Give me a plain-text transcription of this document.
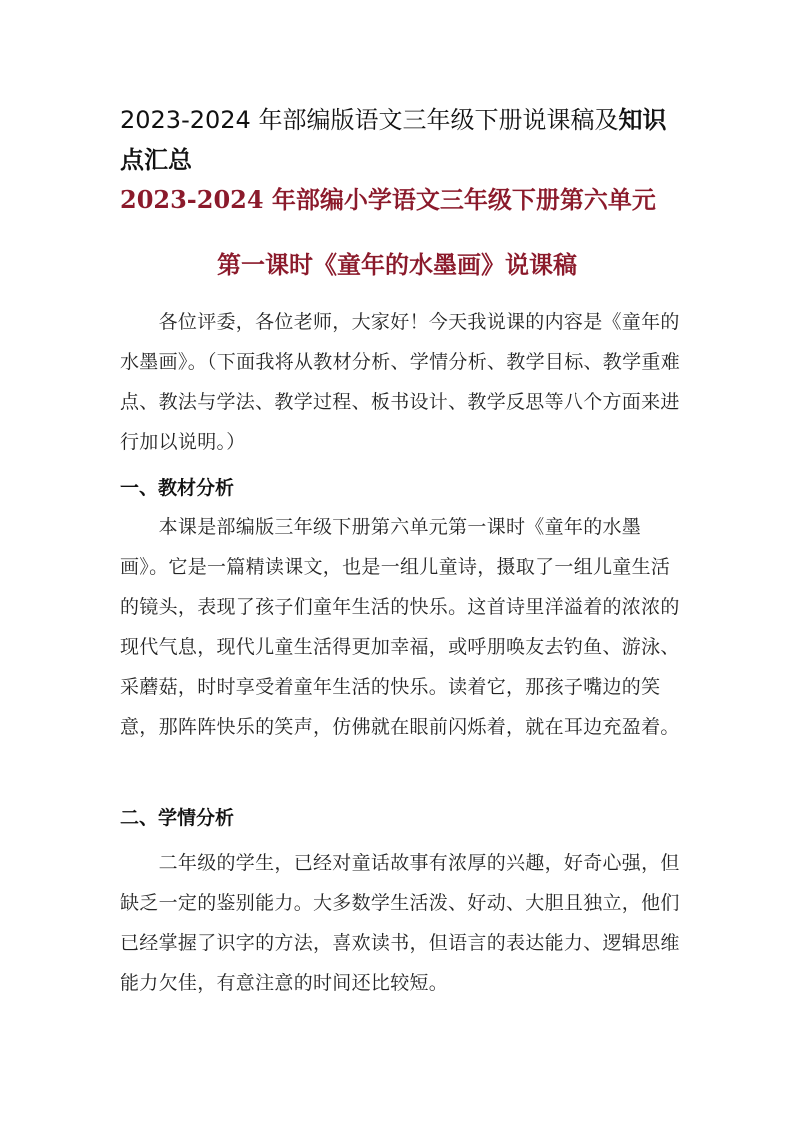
2023-2024 年部编版语文三年级下册说课稿及知识点汇总
2023-2024 年部编小学语文三年级下册第六单元
第一课时《童年的水墨画》说课稿

　　各位评委，各位老师，大家好！今天我说课的内容是《童年的水墨画》。（下面我将从教材分析、学情分析、教学目标、教学重难点、教法与学法、教学过程、板书设计、教学反思等八个方面来进行加以说明。）

一、教材分析

　　本课是部编版三年级下册第六单元第一课时《童年的水墨画》。它是一篇精读课文，也是一组儿童诗，摄取了一组儿童生活的镜头，表现了孩子们童年生活的快乐。这首诗里洋溢着的浓浓的现代气息，现代儿童生活得更加幸福，或呼朋唤友去钓鱼、游泳、采蘑菇，时时享受着童年生活的快乐。读着它，那孩子嘴边的笑意，那阵阵快乐的笑声，仿佛就在眼前闪烁着，就在耳边充盈着。

二、学情分析

　　二年级的学生，已经对童话故事有浓厚的兴趣，好奇心强，但缺乏一定的鉴别能力。大多数学生活泼、好动、大胆且独立，他们已经掌握了识字的方法，喜欢读书，但语言的表达能力、逻辑思维能力欠佳，有意注意的时间还比较短。
